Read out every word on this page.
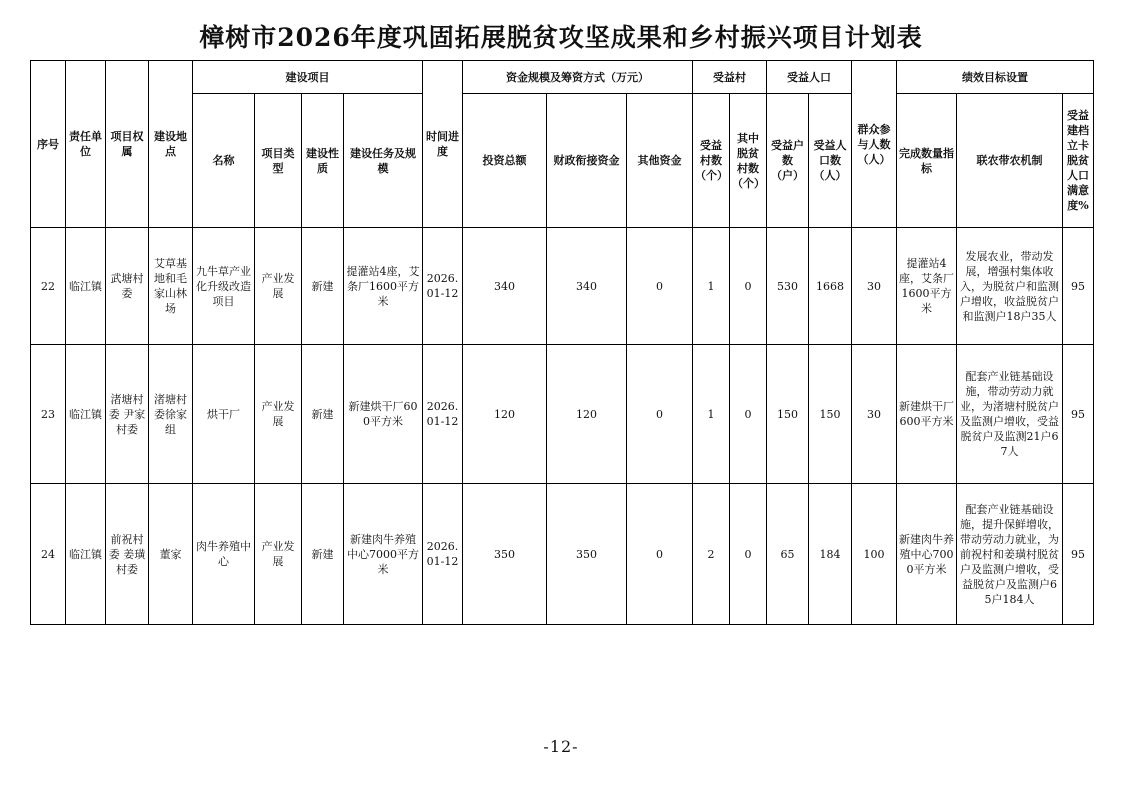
樟树市2026年度巩固拓展脱贫攻坚成果和乡村振兴项目计划表
序号	责任单位	项目权属	建设地点	建设项目				时间进度	资金规模及筹资方式（万元）			受益村		受益人口		群众参与人数（人）	绩效目标设置		
				名称	项目类型	建设性质	建设任务及规模		投资总额	财政衔接资金	其他资金	受益村数（个）	其中脱贫村数（个）	受益户数（户）	受益人口数（人）		完成数量指标	联农带农机制	受益建档立卡脱贫人口满意度%
22	临江镇	武塘村委	艾草基地和毛家山林场	九牛草产业化升级改造项目	产业发展	新建	提灌站4座，艾条厂1600平方米	2026.01-12	340	340	0	1	0	530	1668	30	提灌站4座，艾条厂1600平方米	发展农业，带动发展，增强村集体收入，为脱贫户和监测户增收，收益脱贫户和监测户18户35人	95
23	临江镇	渚塘村委 尹家村委	渚塘村委徐家组	烘干厂	产业发展	新建	新建烘干厂600平方米	2026.01-12	120	120	0	1	0	150	150	30	新建烘干厂600平方米	配套产业链基础设施，带动劳动力就业，为渚塘村脱贫户及监测户增收，受益脱贫户及监测21户67人	95
24	临江镇	前祝村委 姜璜村委	董家	肉牛养殖中心	产业发展	新建	新建肉牛养殖中心7000平方米	2026.01-12	350	350	0	2	0	65	184	100	新建肉牛养殖中心7000平方米	配套产业链基础设施，提升保鲜增收，带动劳动力就业，为前祝村和姜璜村脱贫户及监测户增收，受益脱贫户及监测户65户184人	95
-12-
